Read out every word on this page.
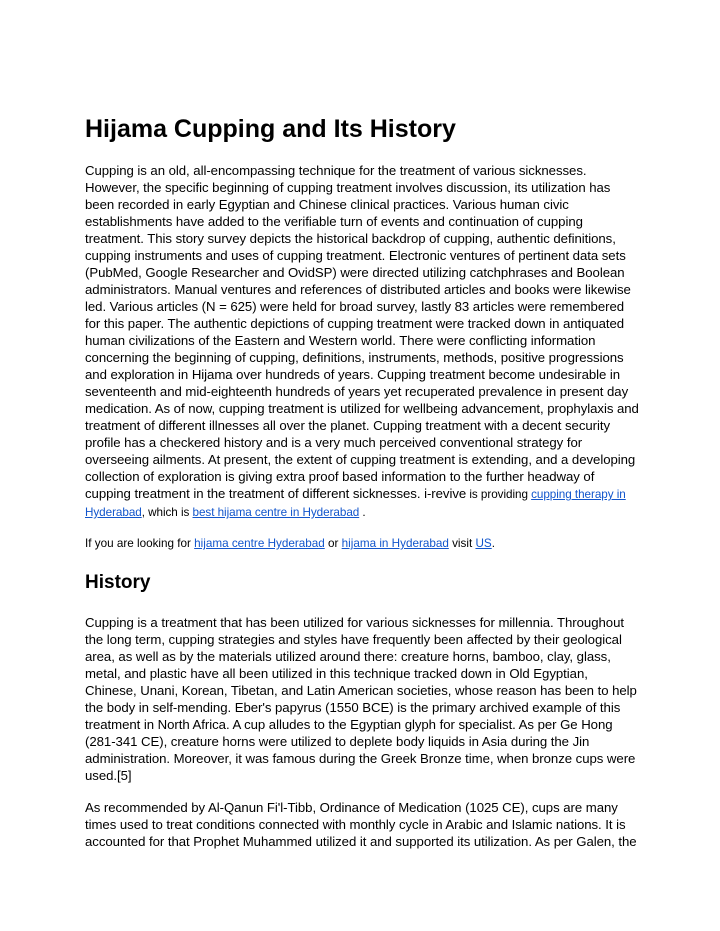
Hijama Cupping and Its History

Cupping is an old, all-encompassing technique for the treatment of various sicknesses. However, the specific beginning of cupping treatment involves discussion, its utilization has been recorded in early Egyptian and Chinese clinical practices. Various human civic establishments have added to the verifiable turn of events and continuation of cupping treatment. This story survey depicts the historical backdrop of cupping, authentic definitions, cupping instruments and uses of cupping treatment. Electronic ventures of pertinent data sets (PubMed, Google Researcher and OvidSP) were directed utilizing catchphrases and Boolean administrators. Manual ventures and references of distributed articles and books were likewise led. Various articles (N = 625) were held for broad survey, lastly 83 articles were remembered for this paper. The authentic depictions of cupping treatment were tracked down in antiquated human civilizations of the Eastern and Western world. There were conflicting information concerning the beginning of cupping, definitions, instruments, methods, positive progressions and exploration in Hijama over hundreds of years. Cupping treatment become undesirable in seventeenth and mid-eighteenth hundreds of years yet recuperated prevalence in present day medication. As of now, cupping treatment is utilized for wellbeing advancement, prophylaxis and treatment of different illnesses all over the planet. Cupping treatment with a decent security profile has a checkered history and is a very much perceived conventional strategy for overseeing ailments. At present, the extent of cupping treatment is extending, and a developing collection of exploration is giving extra proof based information to the further headway of cupping treatment in the treatment of different sicknesses. i-revive is providing cupping therapy in Hyderabad, which is best hijama centre in Hyderabad .

If you are looking for hijama centre Hyderabad or hijama in Hyderabad visit US.

History

Cupping is a treatment that has been utilized for various sicknesses for millennia. Throughout the long term, cupping strategies and styles have frequently been affected by their geological area, as well as by the materials utilized around there: creature horns, bamboo, clay, glass, metal, and plastic have all been utilized in this technique tracked down in Old Egyptian, Chinese, Unani, Korean, Tibetan, and Latin American societies, whose reason has been to help the body in self-mending. Eber's papyrus (1550 BCE) is the primary archived example of this treatment in North Africa. A cup alludes to the Egyptian glyph for specialist. As per Ge Hong (281-341 CE), creature horns were utilized to deplete body liquids in Asia during the Jin administration. Moreover, it was famous during the Greek Bronze time, when bronze cups were used.[5]

As recommended by Al-Qanun Fi'l-Tibb, Ordinance of Medication (1025 CE), cups are many times used to treat conditions connected with monthly cycle in Arabic and Islamic nations. It is accounted for that Prophet Muhammed utilized it and supported its utilization. As per Galen, the
